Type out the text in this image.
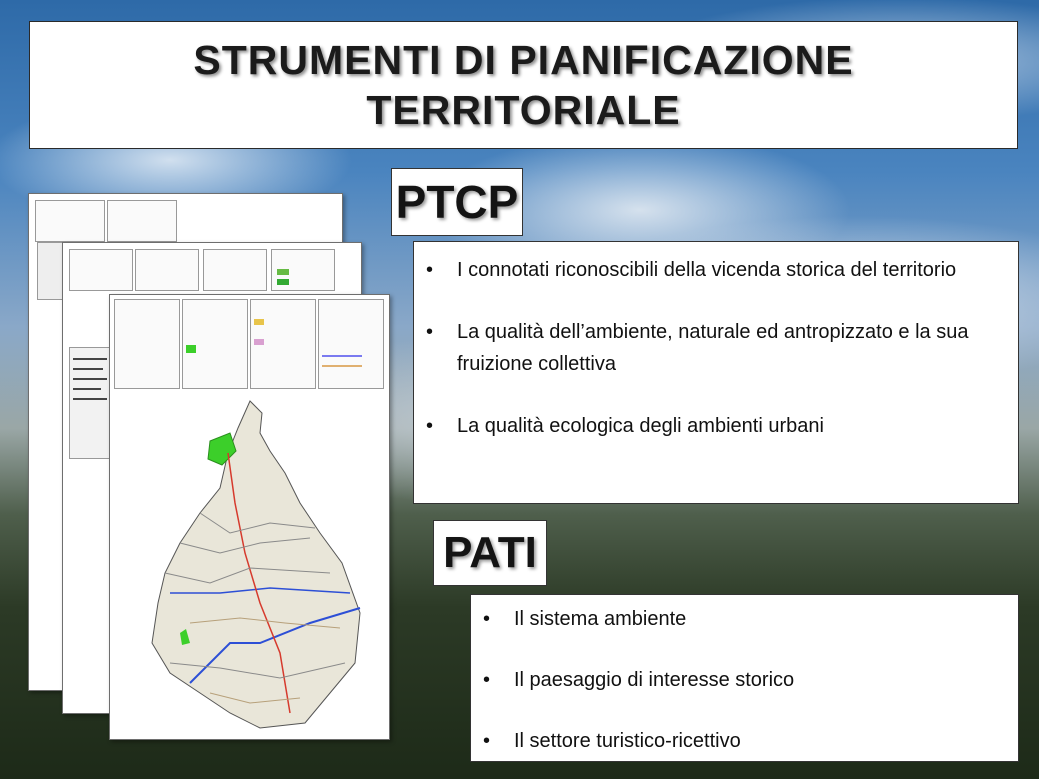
STRUMENTI DI PIANIFICAZIONE TERRITORIALE
PTCP
• I connotati riconoscibili della vicenda storica del territorio
• La qualità dell’ambiente, naturale ed antropizzato e la sua fruizione collettiva
• La qualità ecologica degli ambienti urbani
PATI
• Il sistema ambiente
• Il paesaggio di interesse storico
• Il settore turistico-ricettivo
